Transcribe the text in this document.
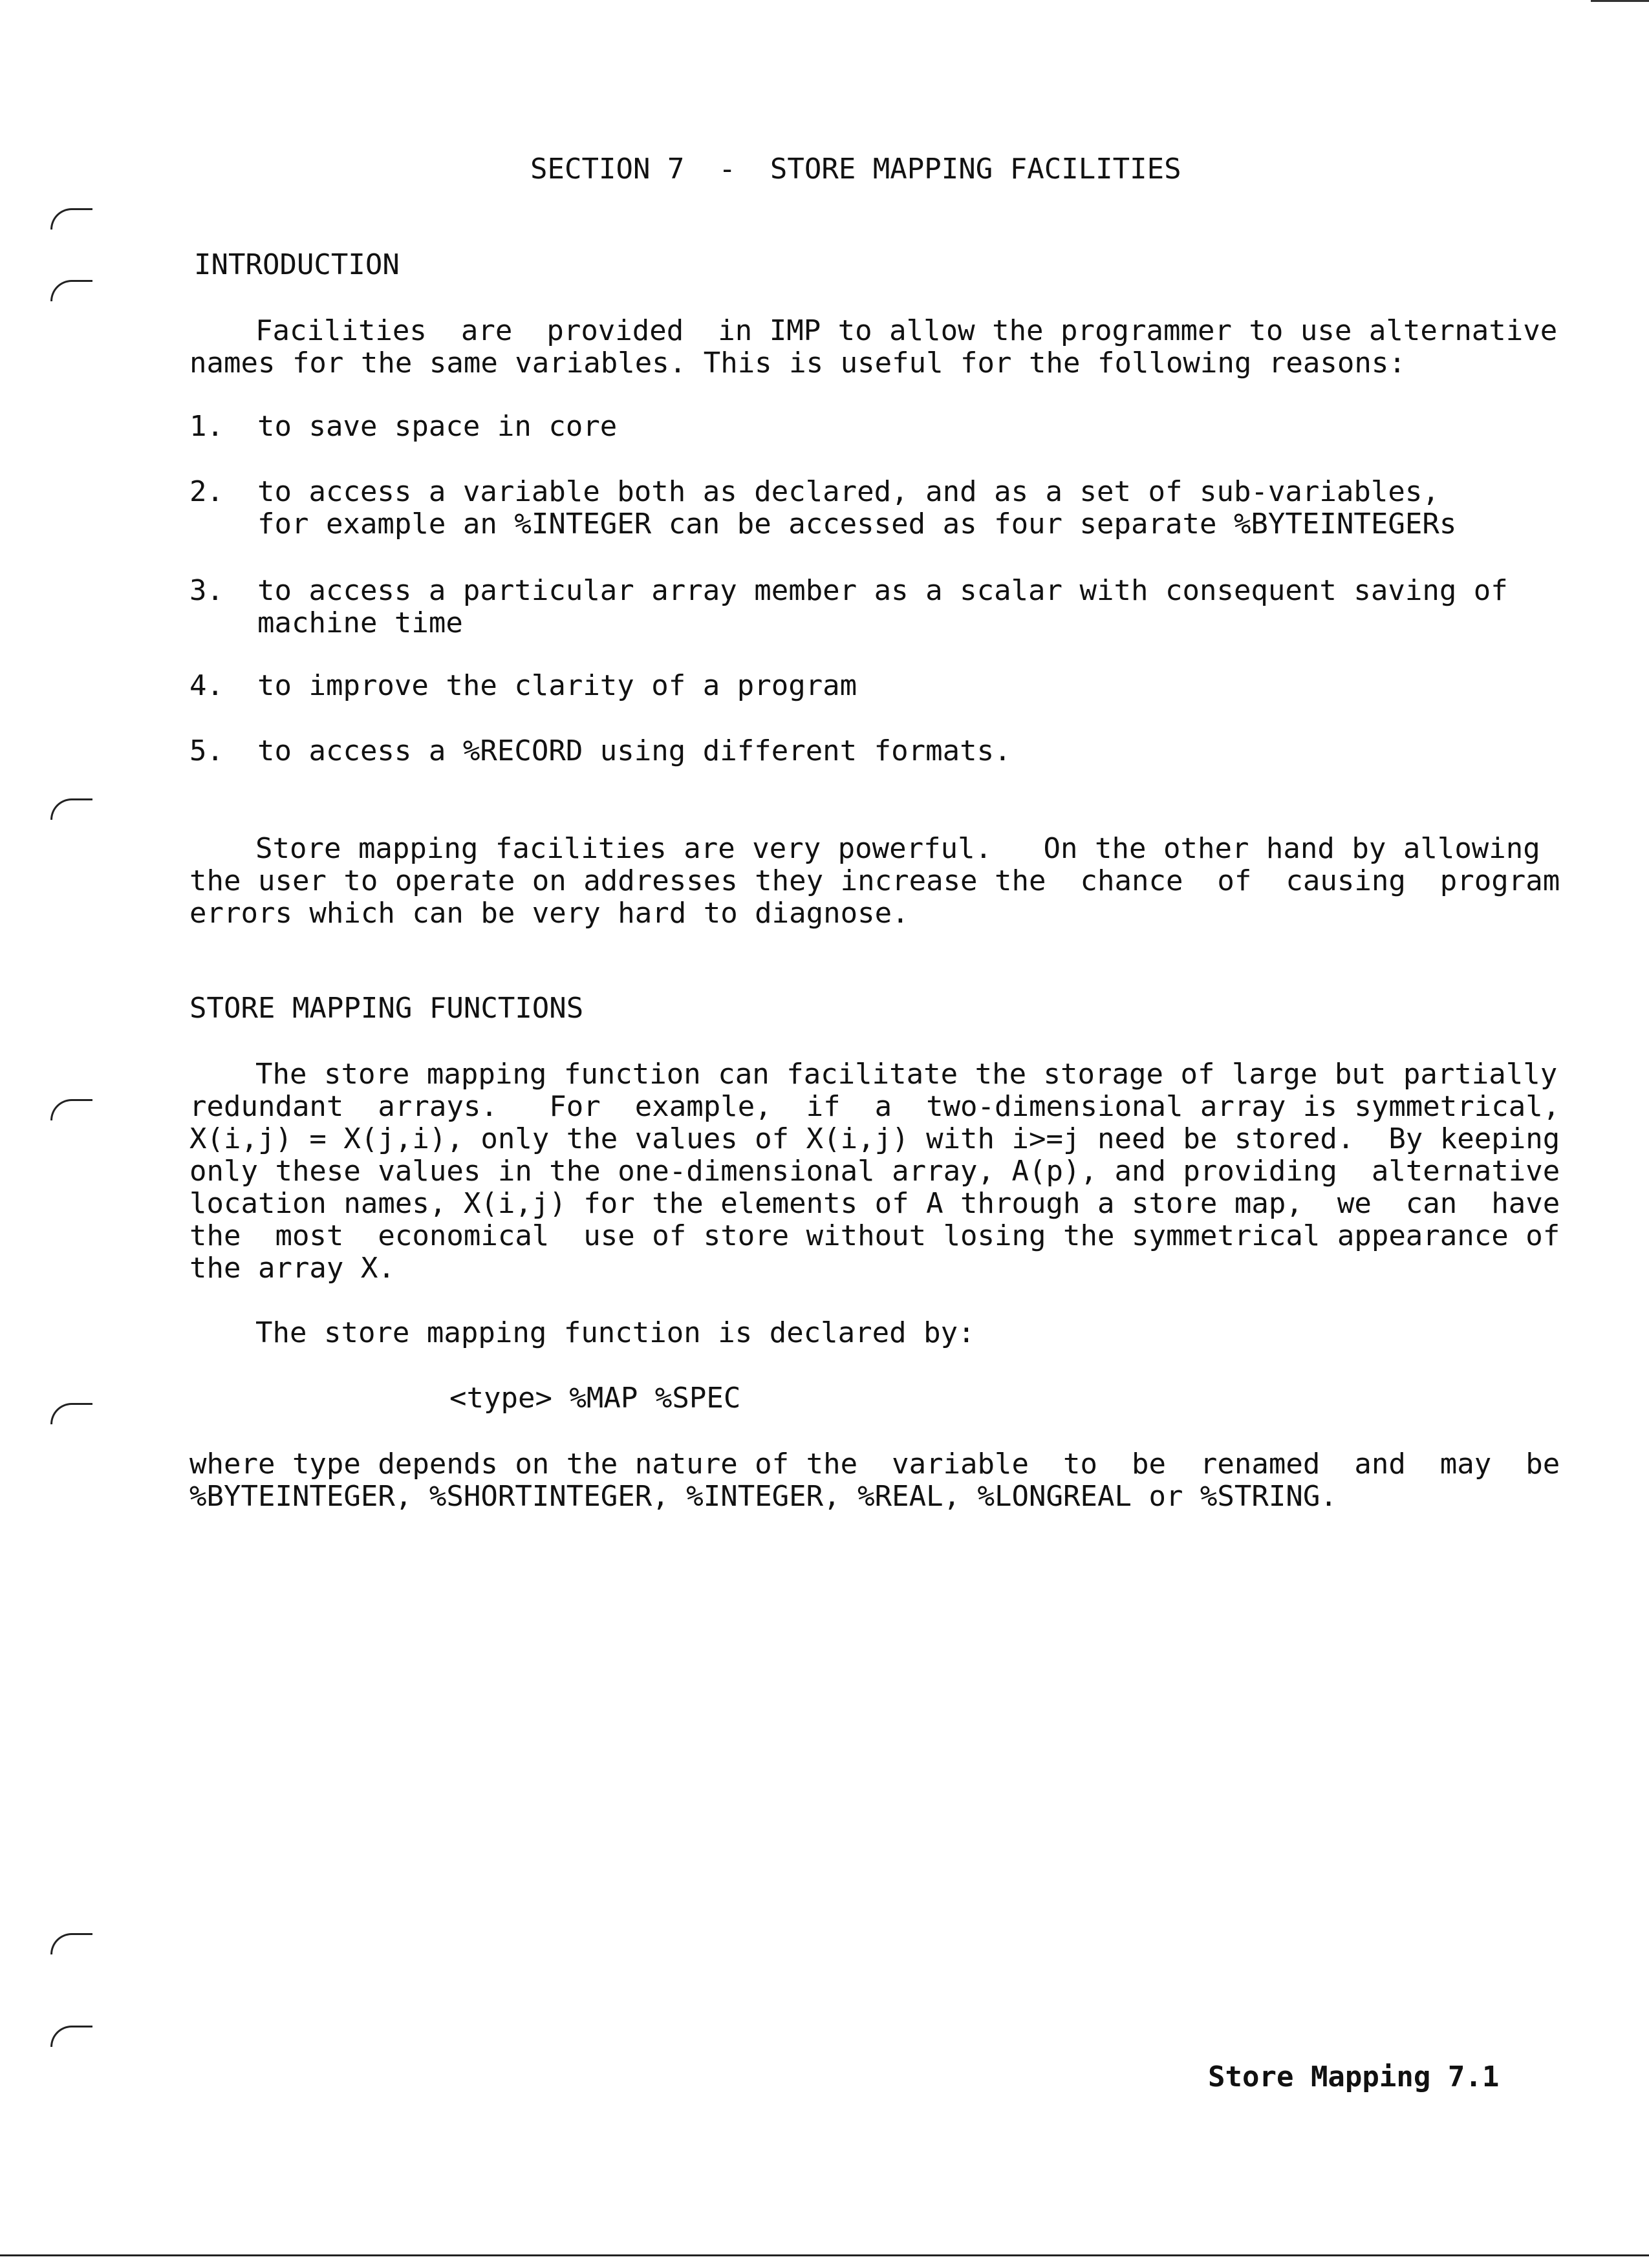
SECTION 7  -  STORE MAPPING FACILITIES
INTRODUCTION
Facilities  are  provided  in IMP to allow the programmer to use alternative
names for the same variables. This is useful for the following reasons:
1. to save space in core
2. to access a variable both as declared, and as a set of sub-variables,
for example an %INTEGER can be accessed as four separate %BYTEINTEGERs
3. to access a particular array member as a scalar with consequent saving of
machine time
4. to improve the clarity of a program
5. to access a %RECORD using different formats.
Store mapping facilities are very powerful.   On the other hand by allowing
the user to operate on addresses they increase the  chance  of  causing  program
errors which can be very hard to diagnose.
STORE MAPPING FUNCTIONS
The store mapping function can facilitate the storage of large but partially
redundant  arrays.   For  example,  if  a  two-dimensional array is symmetrical,
X(i,j) = X(j,i), only the values of X(i,j) with i>=j need be stored.  By keeping
only these values in the one-dimensional array, A(p), and providing  alternative
location names, X(i,j) for the elements of A through a store map,  we  can  have
the  most  economical  use of store without losing the symmetrical appearance of
the array X.
The store mapping function is declared by:
<type> %MAP %SPEC
where type depends on the nature of the  variable  to  be  renamed  and  may  be
%BYTEINTEGER, %SHORTINTEGER, %INTEGER, %REAL, %LONGREAL or %STRING.
Store Mapping 7.1
